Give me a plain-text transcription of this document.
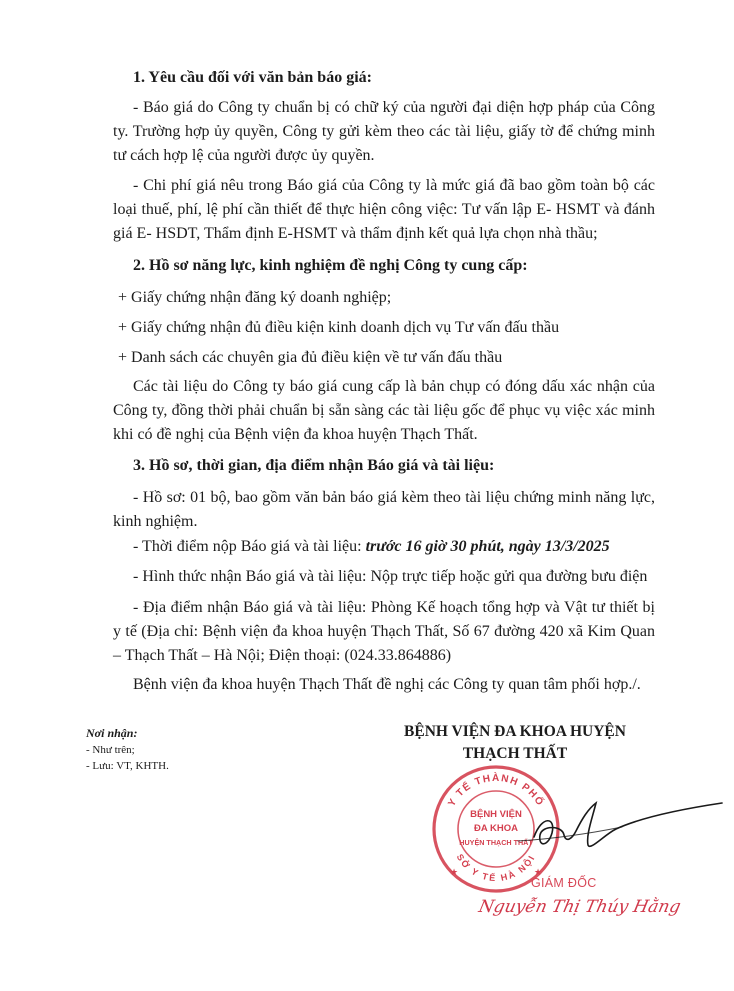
1. Yêu cầu đối với văn bản báo giá:

- Báo giá do Công ty chuẩn bị có chữ ký của người đại diện hợp pháp của Công ty. Trường hợp ủy quyền, Công ty gửi kèm theo các tài liệu, giấy tờ để chứng minh tư cách hợp lệ của người được ủy quyền.

- Chi phí giá nêu trong Báo giá của Công ty là mức giá đã bao gồm toàn bộ các loại thuế, phí, lệ phí cần thiết để thực hiện công việc: Tư vấn lập E- HSMT và đánh giá E- HSDT, Thẩm định E-HSMT và thẩm định kết quả lựa chọn nhà thầu;

2. Hồ sơ năng lực, kinh nghiệm đề nghị Công ty cung cấp:

+ Giấy chứng nhận đăng ký doanh nghiệp;

+ Giấy chứng nhận đủ điều kiện kinh doanh dịch vụ Tư vấn đấu thầu

+ Danh sách các chuyên gia đủ điều kiện về tư vấn đấu thầu

Các tài liệu do Công ty báo giá cung cấp là bản chụp có đóng dấu xác nhận của Công ty, đồng thời phải chuẩn bị sẵn sàng các tài liệu gốc để phục vụ việc xác minh khi có đề nghị của Bệnh viện đa khoa huyện Thạch Thất.

3. Hồ sơ, thời gian, địa điểm nhận Báo giá và tài liệu:

- Hồ sơ: 01 bộ, bao gồm văn bản báo giá kèm theo tài liệu chứng minh năng lực, kinh nghiệm.

- Thời điểm nộp Báo giá và tài liệu: trước 16 giờ 30 phút, ngày 13/3/2025

- Hình thức nhận Báo giá và tài liệu: Nộp trực tiếp hoặc gửi qua đường bưu điện

- Địa điểm nhận Báo giá và tài liệu: Phòng Kế hoạch tổng hợp và Vật tư thiết bị y tế (Địa chỉ: Bệnh viện đa khoa huyện Thạch Thất, Số 67 đường 420 xã Kim Quan – Thạch Thất – Hà Nội; Điện thoại: (024.33.864886)

Bệnh viện đa khoa huyện Thạch Thất đề nghị các Công ty quan tâm phối hợp./.

Nơi nhận:

- Như trên;

- Lưu: VT, KHTH.

BỆNH VIỆN ĐA KHOA HUYỆN

THẠCH THẤT

Y TẾ THÀNH PHỐ
SỞ Y TẾ HÀ NỘI
BỆNH VIỆN
ĐA KHOA
HUYỆN THẠCH THẤT
★	★
GIÁM ĐỐC
Nguyễn Thị Thúy Hằng
